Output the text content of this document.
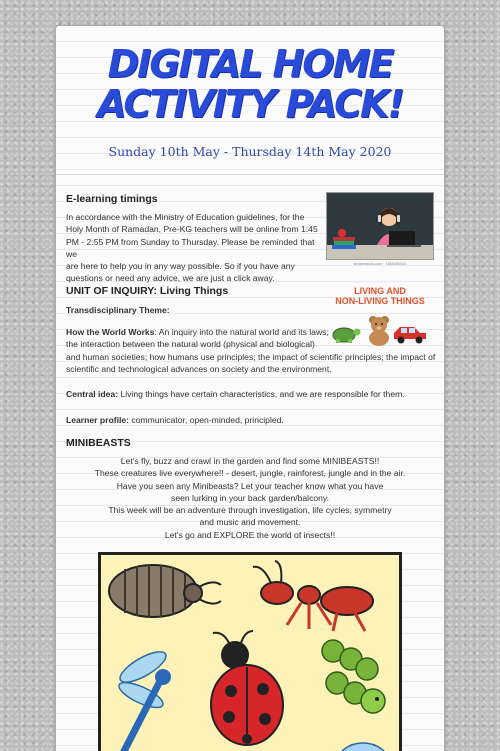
DIGITAL HOME ACTIVITY PACK!
Sunday 10th May - Thursday 14th May 2020
E-learning timings
In accordance with the Ministry of Education guidelines, for the
Holy Month of Ramadan, Pre-KG teachers will be online from 1:45
PM - 2:55 PM from Sunday to Thursday. Please be reminded that we
are here to help you in any way possible. So if you have any
questions or need any advice, we are just a click away.
shutterstock.com · 1665460930
UNIT OF INQUIRY: Living Things
Transdisciplinary Theme:
LIVING AND
NON-LIVING THINGS
How the World Works: An inquiry into the natural world and its laws;
the interaction between the natural world (physical and biological)
and human societies; how humans use principles; the impact of scientific principles; the impact of
scientific and technological advances on society and the environment.
Central idea: Living things have certain characteristics, and we are responsible for them.
Learner profile: communicator, open-minded, principled.
MINIBEASTS
Let's fly, buzz and crawl in the garden and find some MINIBEASTS!!
These creatures live everywhere!! - desert, jungle, rainforest, jungle and in the air.
Have you seen any Minibeasts? Let your teacher know what you have
seen lurking in your back garden/balcony.
This week will be an adventure through investigation, life cycles, symmetry
and music and movement.
Let's go and EXPLORE the world of insects!!
